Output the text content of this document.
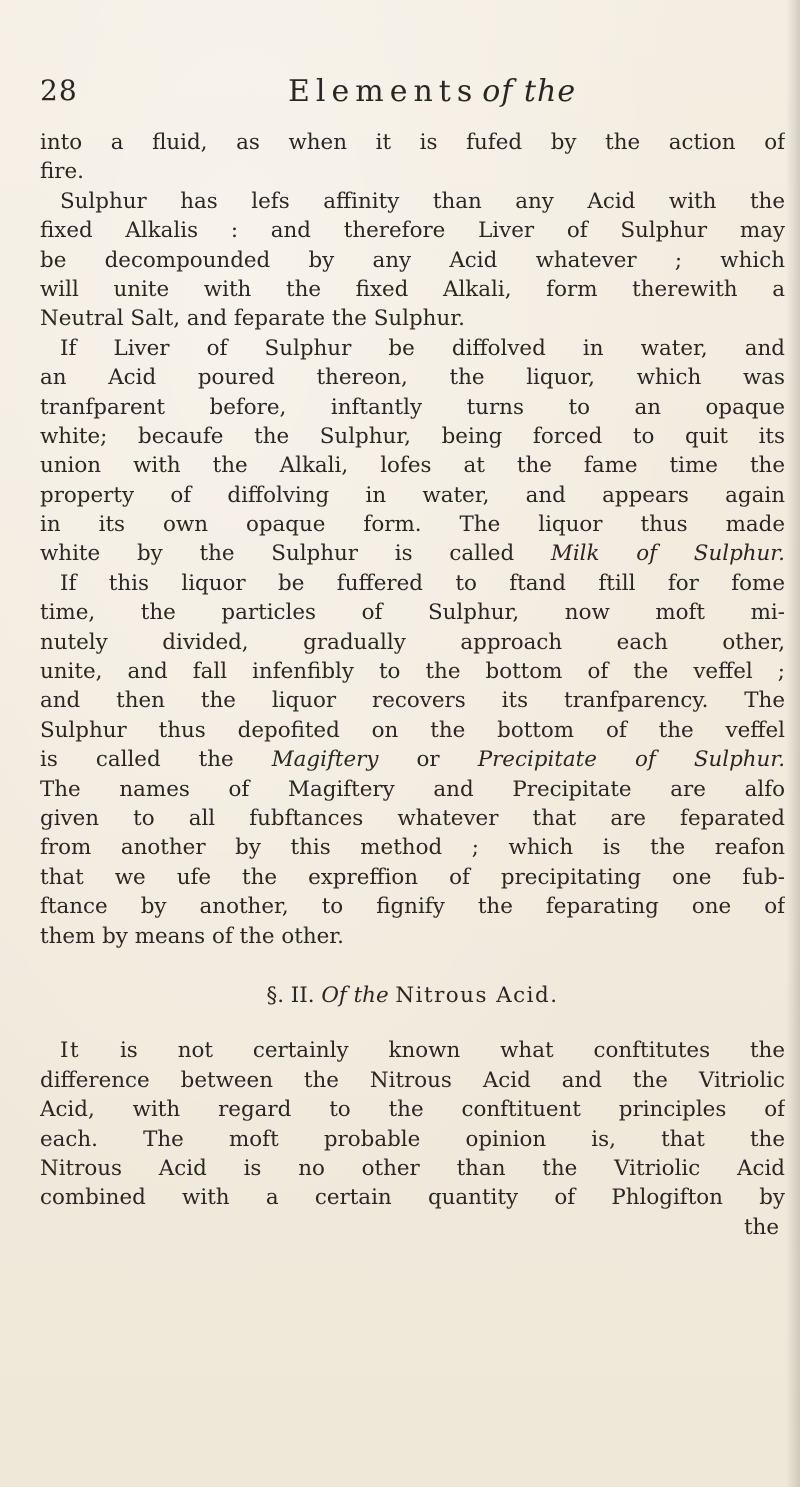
28	Elements of the
into a fluid, as when it is fufed by the action of
fire.
Sulphur has lefs affinity than any Acid with the
fixed Alkalis : and therefore Liver of Sulphur may
be decompounded by any Acid whatever ; which
will unite with the fixed Alkali, form therewith a
Neutral Salt, and feparate the Sulphur.
If Liver of Sulphur be diffolved in water, and
an Acid poured thereon, the liquor, which was
tranfparent before, inftantly turns to an opaque
white; becaufe the Sulphur, being forced to quit its
union with the Alkali, lofes at the fame time the
property of diffolving in water, and appears again
in its own opaque form. The liquor thus made
white by the Sulphur is called Milk of Sulphur.
If this liquor be fuffered to ftand ftill for fome
time, the particles of Sulphur, now moft mi-
nutely divided, gradually approach each other,
unite, and fall infenfibly to the bottom of the veffel ;
and then the liquor recovers its tranfparency. The
Sulphur thus depofited on the bottom of the veffel
is called the Magiftery or Precipitate of Sulphur.
The names of Magiftery and Precipitate are alfo
given to all fubftances whatever that are feparated
from another by this method ; which is the reafon
that we ufe the expreffion of precipitating one fub-
ftance by another, to fignify the feparating one of
them by means of the other.
§. II. Of the Nitrous Acid.
It is not certainly known what conftitutes the
difference between the Nitrous Acid and the Vitriolic
Acid, with regard to the conftituent principles of
each. The moft probable opinion is, that the
Nitrous Acid is no other than the Vitriolic Acid
combined with a certain quantity of Phlogifton by
the
